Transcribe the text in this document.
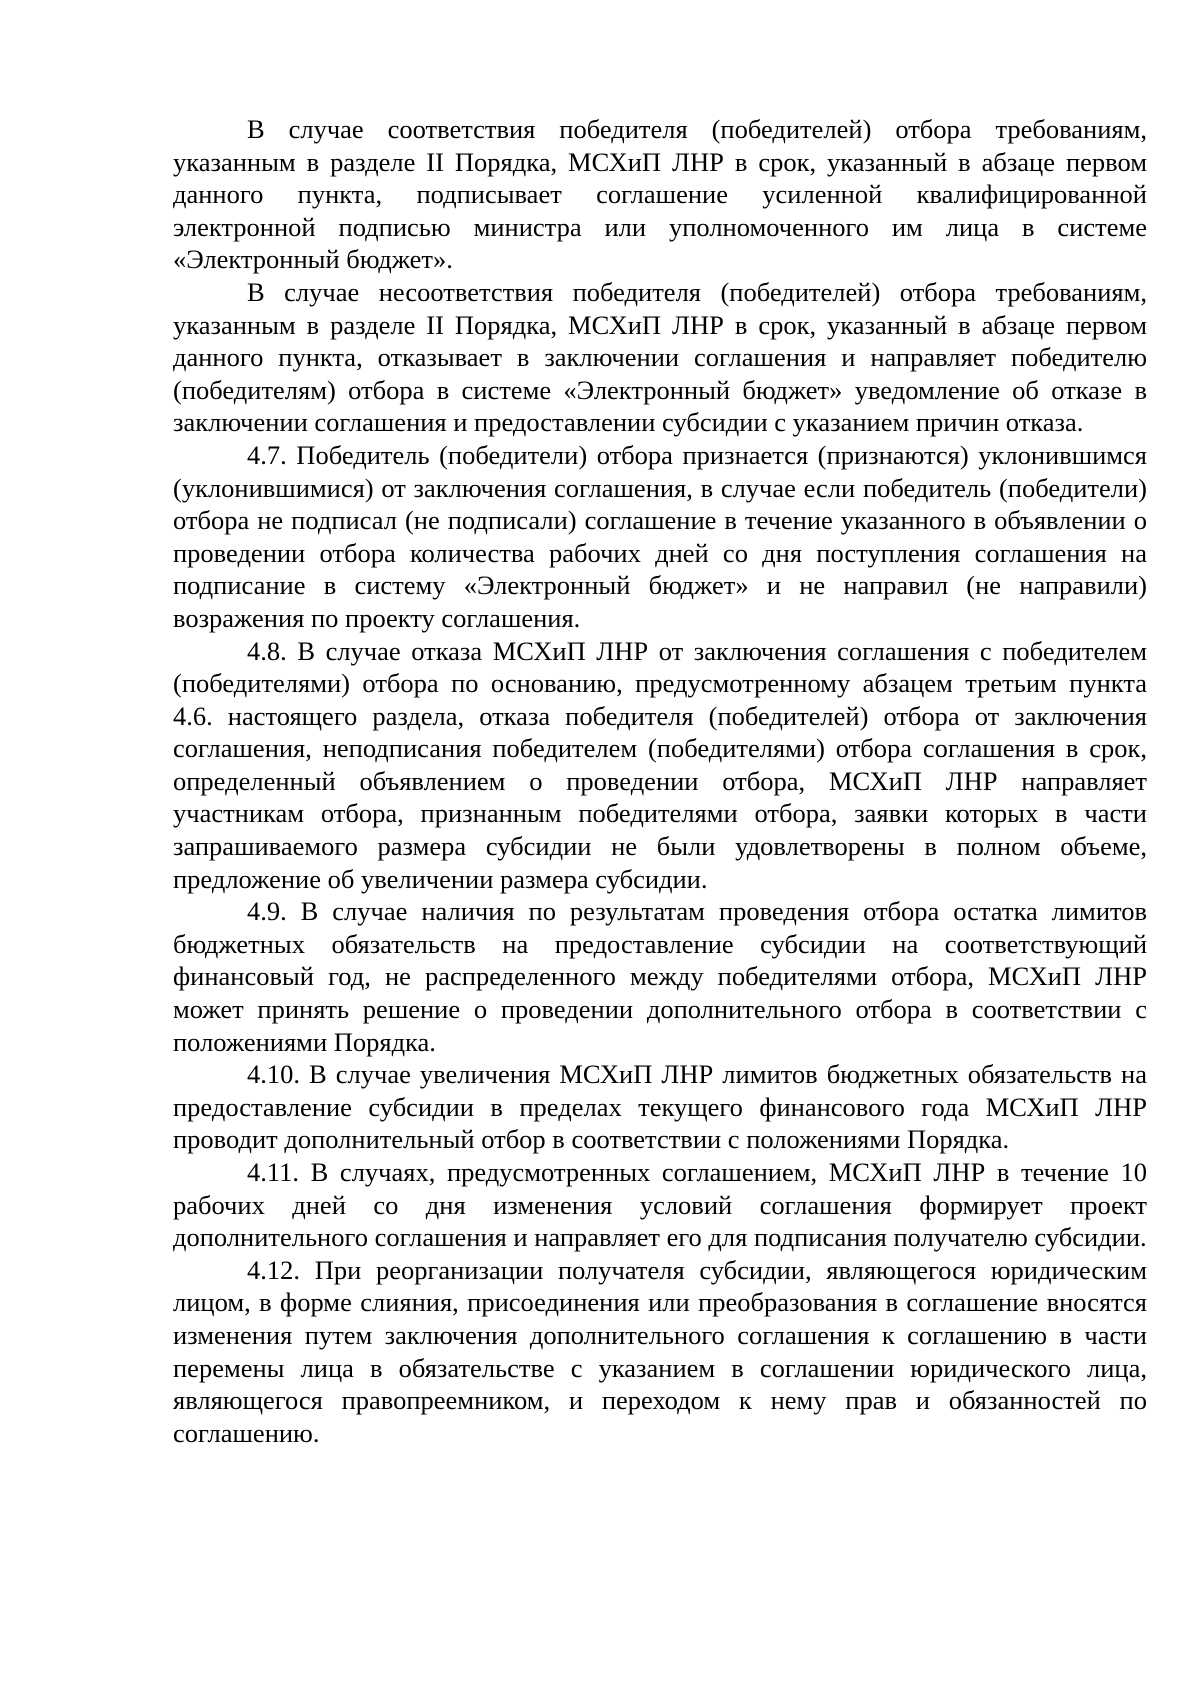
В случае соответствия победителя (победителей) отбора требованиям, указанным в разделе II Порядка, МСХиП ЛНР в срок, указанный в абзаце первом данного пункта, подписывает соглашение усиленной квалифицированной электронной подписью министра или уполномоченного им лица в системе «Электронный бюджет».

В случае несоответствия победителя (победителей) отбора требованиям, указанным в разделе II Порядка, МСХиП ЛНР в срок, указанный в абзаце первом данного пункта, отказывает в заключении соглашения и направляет победителю (победителям) отбора в системе «Электронный бюджет» уведомление об отказе в заключении соглашения и предоставлении субсидии с указанием причин отказа.

4.7. Победитель (победители) отбора признается (признаются) уклонившимся (уклонившимися) от заключения соглашения, в случае если победитель (победители) отбора не подписал (не подписали) соглашение в течение указанного в объявлении о проведении отбора количества рабочих дней со дня поступления соглашения на подписание в систему «Электронный бюджет» и не направил (не направили) возражения по проекту соглашения.

4.8. В случае отказа МСХиП ЛНР от заключения соглашения с победителем (победителями) отбора по основанию, предусмотренному абзацем третьим пункта 4.6. настоящего раздела, отказа победителя (победителей) отбора от заключения соглашения, неподписания победителем (победителями) отбора соглашения в срок, определенный объявлением о проведении отбора, МСХиП ЛНР направляет участникам отбора, признанным победителями отбора, заявки которых в части запрашиваемого размера субсидии не были удовлетворены в полном объеме, предложение об увеличении размера субсидии.

4.9. В случае наличия по результатам проведения отбора остатка лимитов бюджетных обязательств на предоставление субсидии на соответствующий финансовый год, не распределенного между победителями отбора, МСХиП ЛНР может принять решение о проведении дополнительного отбора в соответствии с положениями Порядка.

4.10. В случае увеличения МСХиП ЛНР лимитов бюджетных обязательств на предоставление субсидии в пределах текущего финансового года МСХиП ЛНР проводит дополнительный отбор в соответствии с положениями Порядка.

4.11. В случаях, предусмотренных соглашением, МСХиП ЛНР в течение 10 рабочих дней со дня изменения условий соглашения формирует проект дополнительного соглашения и направляет его для подписания получателю субсидии.

4.12. При реорганизации получателя субсидии, являющегося юридическим лицом, в форме слияния, присоединения или преобразования в соглашение вносятся изменения путем заключения дополнительного соглашения к соглашению в части перемены лица в обязательстве с указанием в соглашении юридического лица, являющегося правопреемником, и переходом к нему прав и обязанностей по соглашению.
